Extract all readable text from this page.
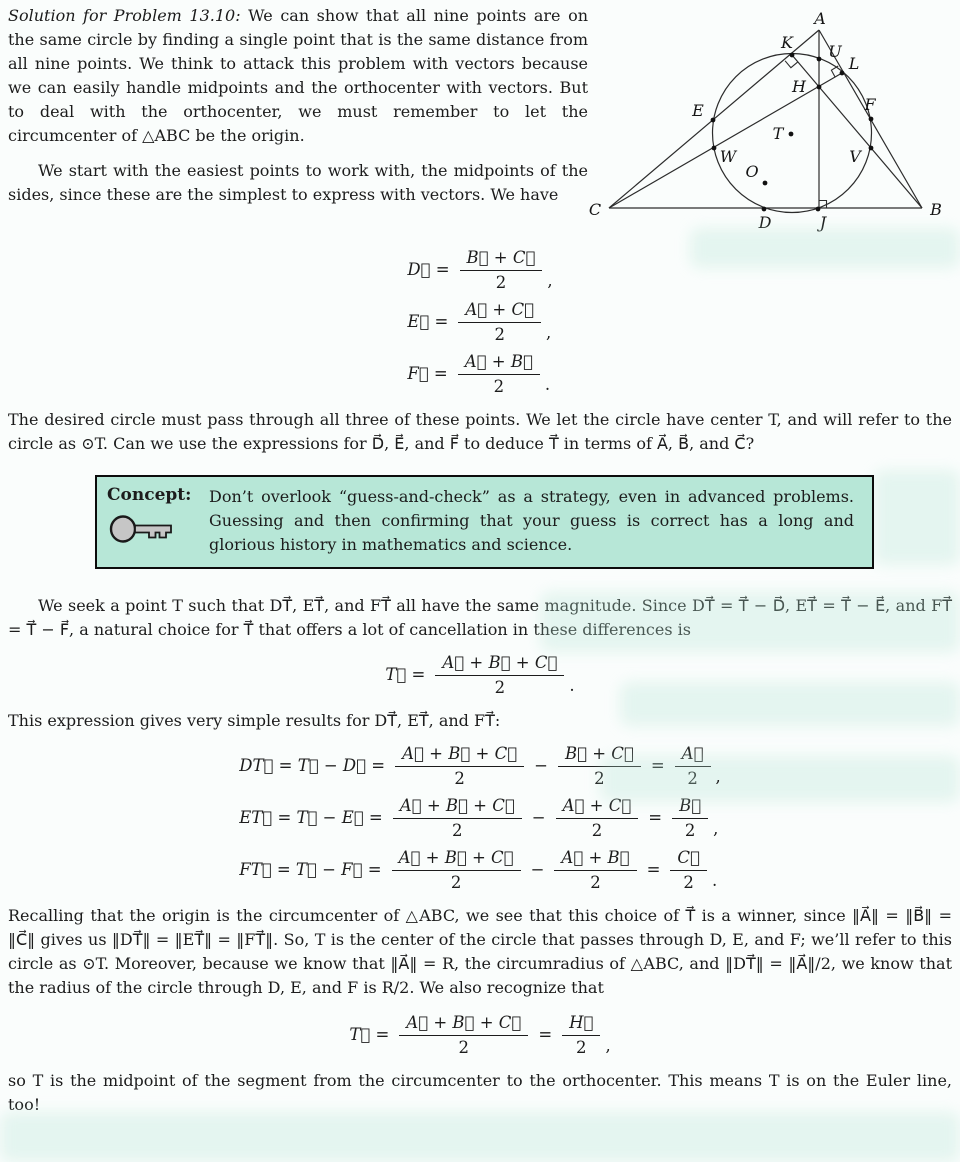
Solution for Problem 13.10: We can show that all nine points are on the same circle by finding a single point that is the same distance from all nine points. We think to attack this problem with vectors because we can easily handle midpoints and the orthocenter with vectors. But to deal with the orthocenter, we must remember to let the circumcenter of △ABC be the origin.

We start with the easiest points to work with, the midpoints of the sides, since these are the simplest to express with vectors. We have

D
E	F
J
K
L
U
H
T
O
V
W
A
B
C
D⃗ = $\frac{B⃗ + C⃗}{2}$ ,
E⃗ = $\frac{A⃗ + C⃗}{2}$ ,
F⃗ = $\frac{A⃗ + B⃗}{2}$ .

The desired circle must pass through all three of these points. We let the circle have center T, and will refer to the circle as ⊙T. Can we use the expressions for D⃗, E⃗, and F⃗ to deduce T⃗ in terms of A⃗, B⃗, and C⃗?

Concept:	Don’t overlook “guess-and-check” as a strategy, even in advanced problems. Guessing and then confirming that your guess is correct has a long and glorious history in mathematics and science.

We seek a point T such that DT⃗, ET⃗, and FT⃗ all have the same magnitude. Since DT⃗ = T⃗ − D⃗, ET⃗ = T⃗ − E⃗, and FT⃗ = T⃗ − F⃗, a natural choice for T⃗ that offers a lot of cancellation in these differences is

T⃗ = $\frac{A⃗ + B⃗ + C⃗}{2}$ .

This expression gives very simple results for DT⃗, ET⃗, and FT⃗:

DT⃗ = T⃗ − D⃗ = $\frac{A⃗ + B⃗ + C⃗}{2} - \frac{B⃗ + C⃗}{2} = \frac{A⃗}{2}$ ,
ET⃗ = T⃗ − E⃗ = $\frac{A⃗ + B⃗ + C⃗}{2} - \frac{A⃗ + C⃗}{2} = \frac{B⃗}{2}$ ,
FT⃗ = T⃗ − F⃗ = $\frac{A⃗ + B⃗ + C⃗}{2} - \frac{A⃗ + B⃗}{2} = \frac{C⃗}{2}$ .

Recalling that the origin is the circumcenter of △ABC, we see that this choice of T⃗ is a winner, since ‖A⃗‖ = ‖B⃗‖ = ‖C⃗‖ gives us ‖DT⃗‖ = ‖ET⃗‖ = ‖FT⃗‖. So, T is the center of the circle that passes through D, E, and F; we’ll refer to this circle as ⊙T. Moreover, because we know that ‖A⃗‖ = R, the circumradius of △ABC, and ‖DT⃗‖ = ‖A⃗‖/2, we know that the radius of the circle through D, E, and F is R/2. We also recognize that

T⃗ = $\frac{A⃗ + B⃗ + C⃗}{2} = \frac{H⃗}{2}$ ,

so T is the midpoint of the segment from the circumcenter to the orthocenter. This means T is on the Euler line, too!
